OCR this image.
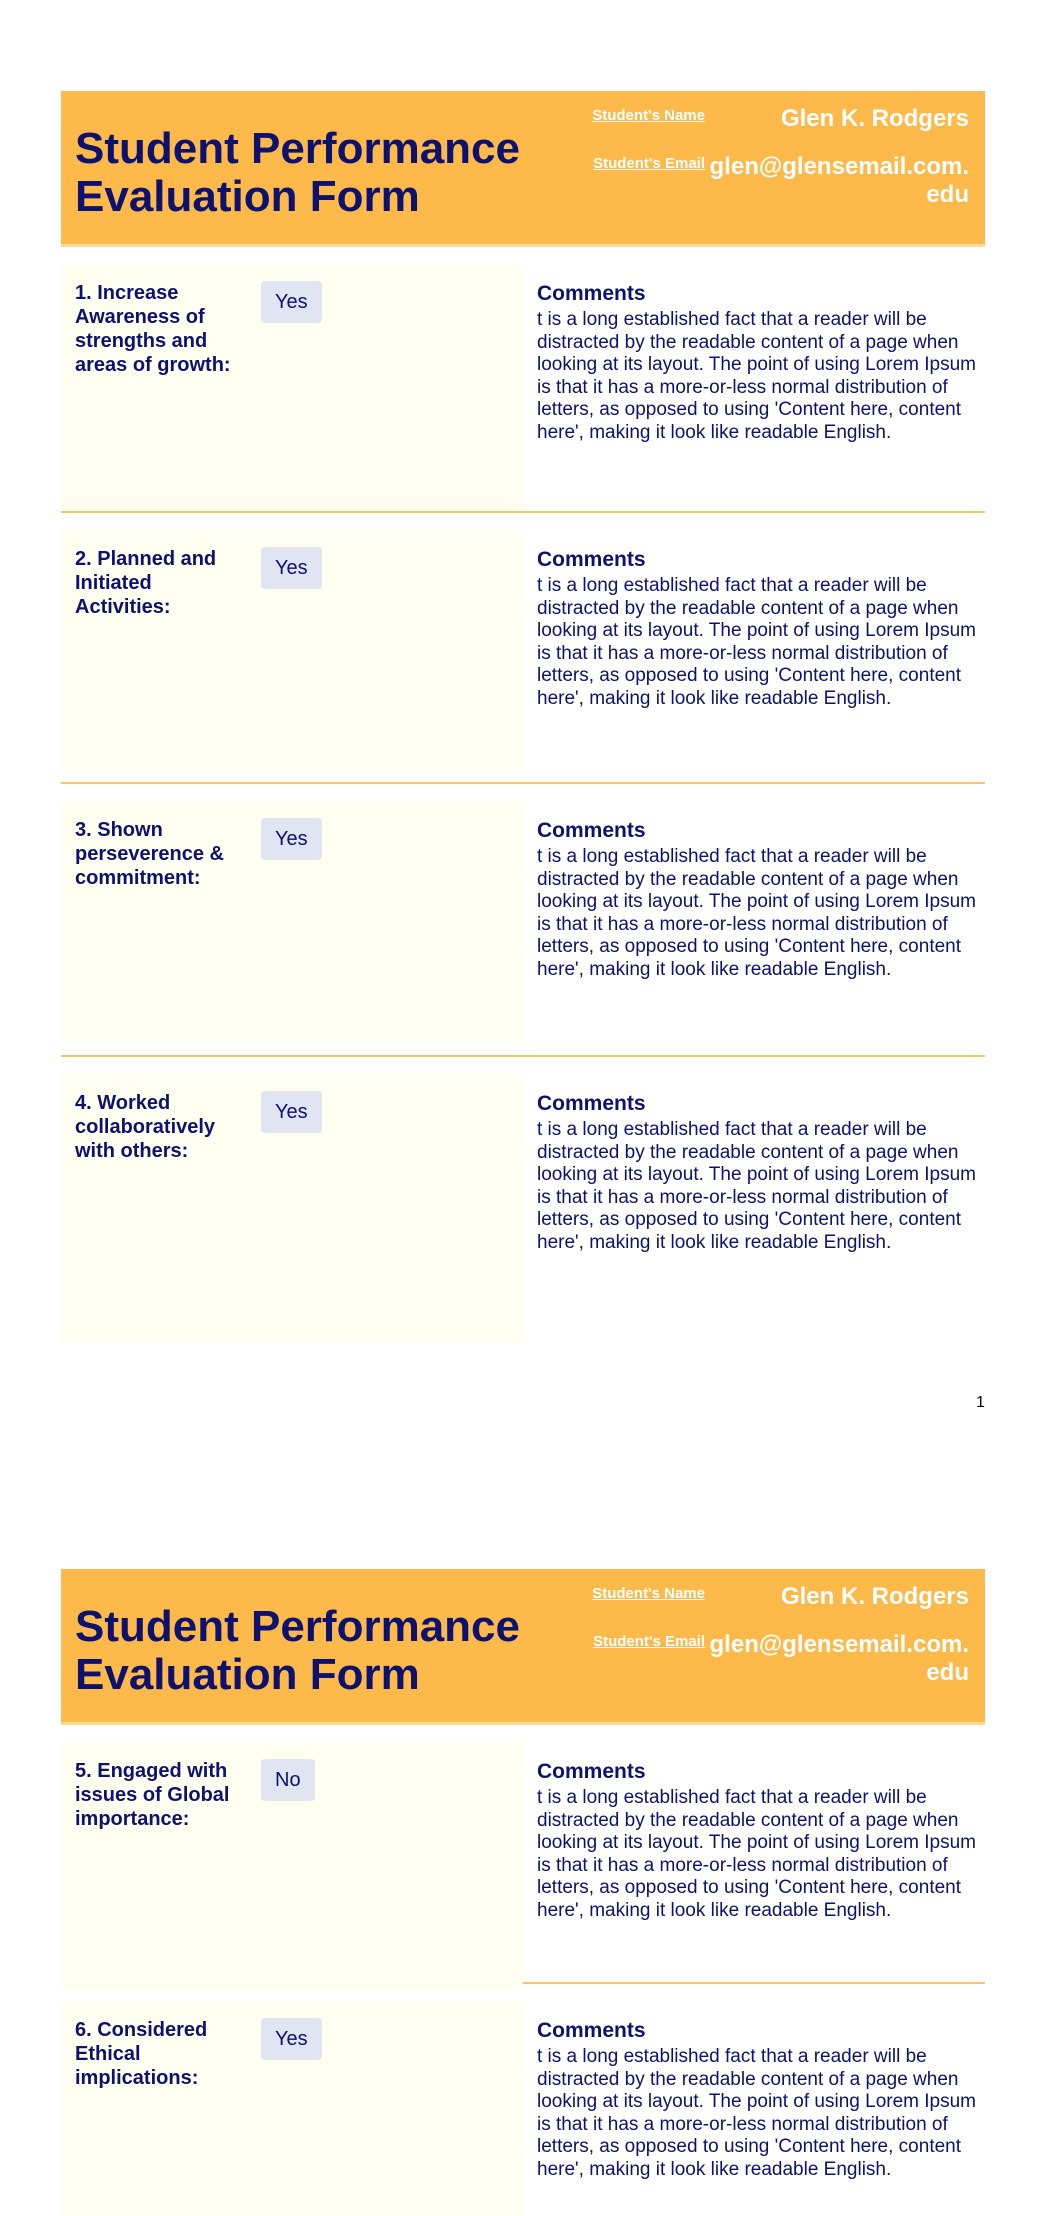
Student Performance Evaluation Form
Student's Name	Glen K. Rodgers
Student's Email glen@glensemail.com.edu
1. Increase Awareness of strengths and areas of growth:
Yes	Comments
t is a long established fact that a reader will be distracted by the readable content of a page when looking at its layout. The point of using Lorem Ipsum is that it has a more-or-less normal distribution of letters, as opposed to using 'Content here, content here', making it look like readable English.
2. Planned and Initiated Activities:
Yes	Comments
t is a long established fact that a reader will be distracted by the readable content of a page when looking at its layout. The point of using Lorem Ipsum is that it has a more-or-less normal distribution of letters, as opposed to using 'Content here, content here', making it look like readable English.
3. Shown perseverence & commitment:
Yes	Comments
t is a long established fact that a reader will be distracted by the readable content of a page when looking at its layout. The point of using Lorem Ipsum is that it has a more-or-less normal distribution of letters, as opposed to using 'Content here, content here', making it look like readable English.
4. Worked collaboratively with others:
Yes	Comments
t is a long established fact that a reader will be distracted by the readable content of a page when looking at its layout. The point of using Lorem Ipsum is that it has a more-or-less normal distribution of letters, as opposed to using 'Content here, content here', making it look like readable English.
1
Student Performance Evaluation Form
Student's Name	Glen K. Rodgers
Student's Email glen@glensemail.com.edu
5. Engaged with issues of Global importance:
No	Comments
t is a long established fact that a reader will be distracted by the readable content of a page when looking at its layout. The point of using Lorem Ipsum is that it has a more-or-less normal distribution of letters, as opposed to using 'Content here, content here', making it look like readable English.
6. Considered Ethical implications:
Yes	Comments
t is a long established fact that a reader will be distracted by the readable content of a page when looking at its layout. The point of using Lorem Ipsum is that it has a more-or-less normal distribution of letters, as opposed to using 'Content here, content here', making it look like readable English.
